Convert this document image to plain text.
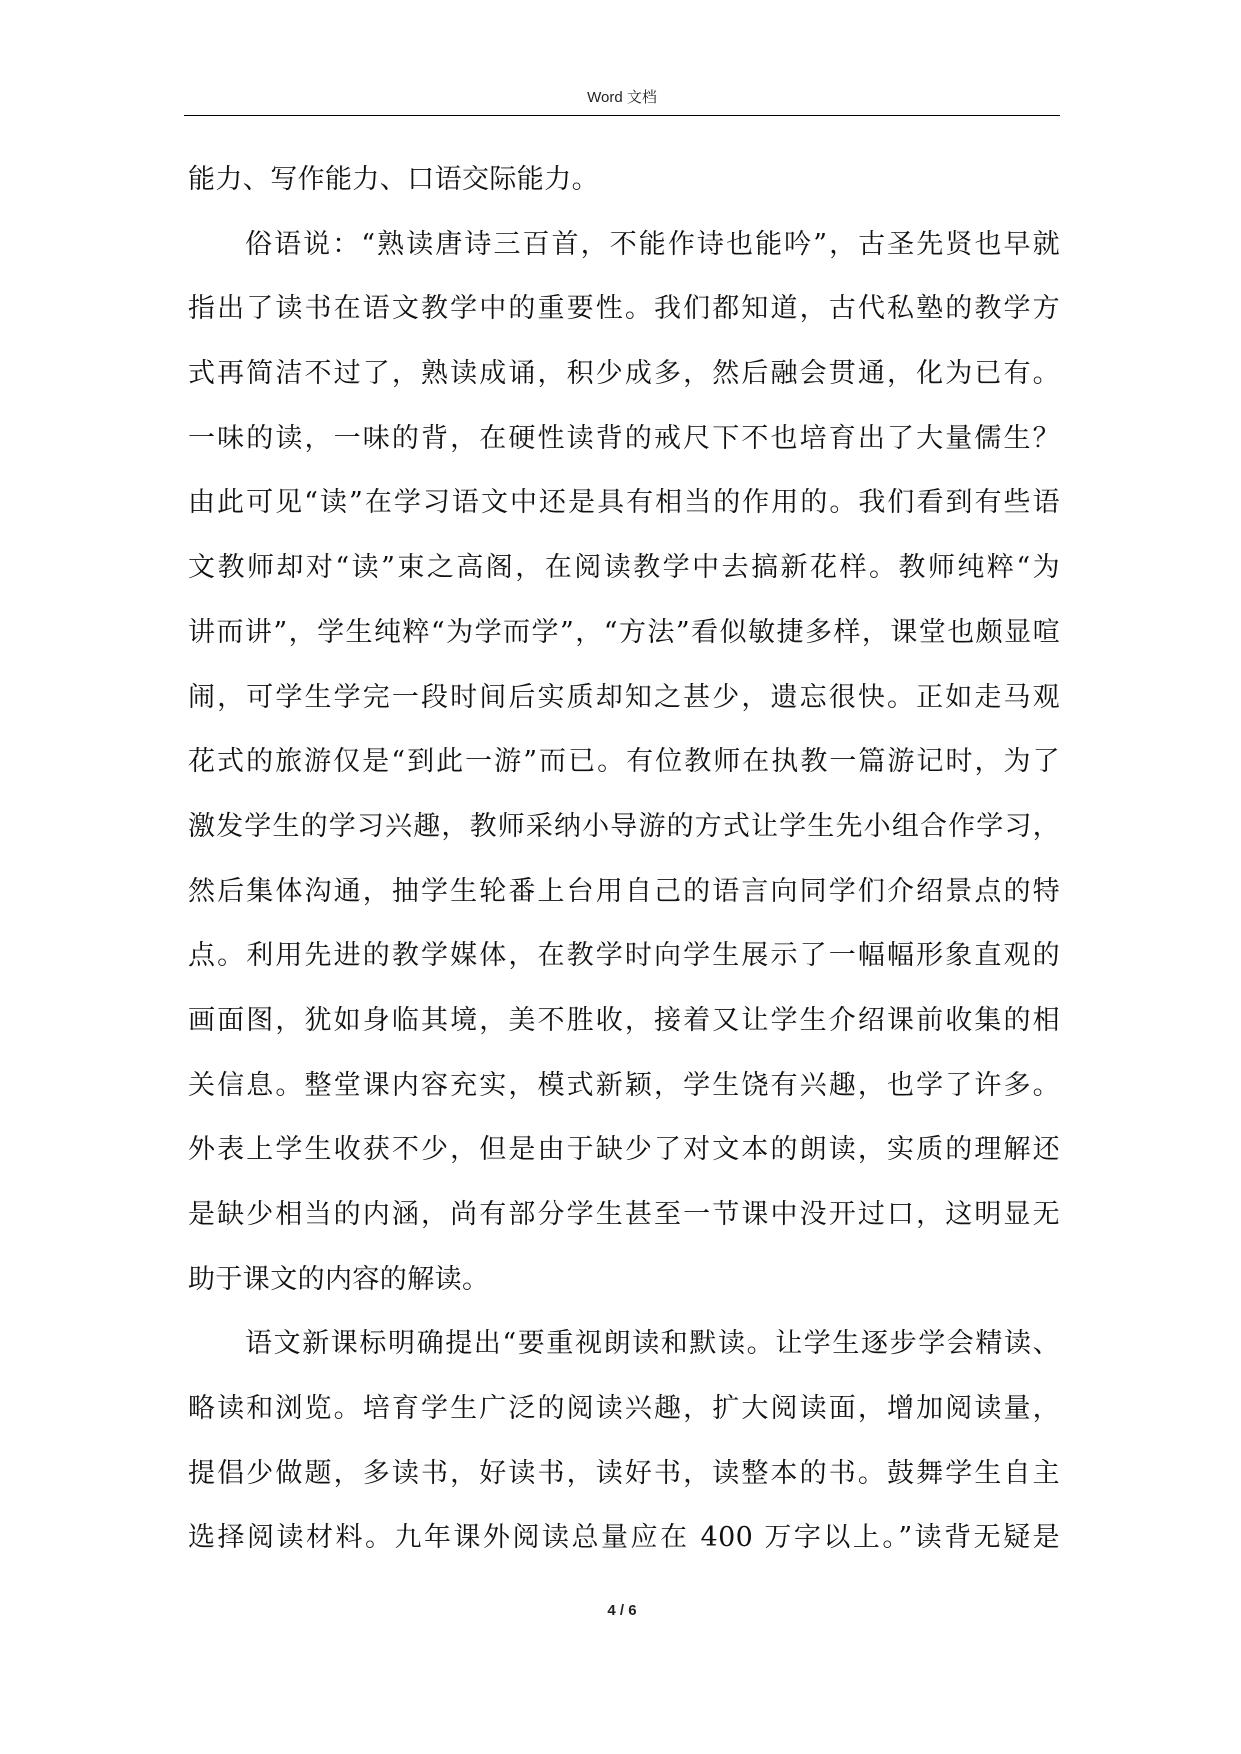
Word 文档
能力、写作能力、口语交际能力。
俗语说：“熟读唐诗三百首，不能作诗也能吟”，古圣先贤也早就
指出了读书在语文教学中的重要性。我们都知道，古代私塾的教学方
式再简洁不过了，熟读成诵，积少成多，然后融会贯通，化为已有。
一味的读，一味的背，在硬性读背的戒尺下不也培育出了大量儒生？
由此可见“读”在学习语文中还是具有相当的作用的。我们看到有些语
文教师却对“读”束之高阁，在阅读教学中去搞新花样。教师纯粹“为
讲而讲”，学生纯粹“为学而学”，“方法”看似敏捷多样，课堂也颇显喧
闹，可学生学完一段时间后实质却知之甚少，遗忘很快。正如走马观
花式的旅游仅是“到此一游”而已。有位教师在执教一篇游记时，为了
激发学生的学习兴趣，教师采纳小导游的方式让学生先小组合作学习，
然后集体沟通，抽学生轮番上台用自己的语言向同学们介绍景点的特
点。利用先进的教学媒体，在教学时向学生展示了一幅幅形象直观的
画面图，犹如身临其境，美不胜收，接着又让学生介绍课前收集的相
关信息。整堂课内容充实，模式新颖，学生饶有兴趣，也学了许多。
外表上学生收获不少，但是由于缺少了对文本的朗读，实质的理解还
是缺少相当的内涵，尚有部分学生甚至一节课中没开过口，这明显无
助于课文的内容的解读。
语文新课标明确提出“要重视朗读和默读。让学生逐步学会精读、
略读和浏览。培育学生广泛的阅读兴趣，扩大阅读面，增加阅读量，
提倡少做题，多读书，好读书，读好书，读整本的书。鼓舞学生自主
选择阅读材料。九年课外阅读总量应在 400 万字以上。”读背无疑是
4 / 6
